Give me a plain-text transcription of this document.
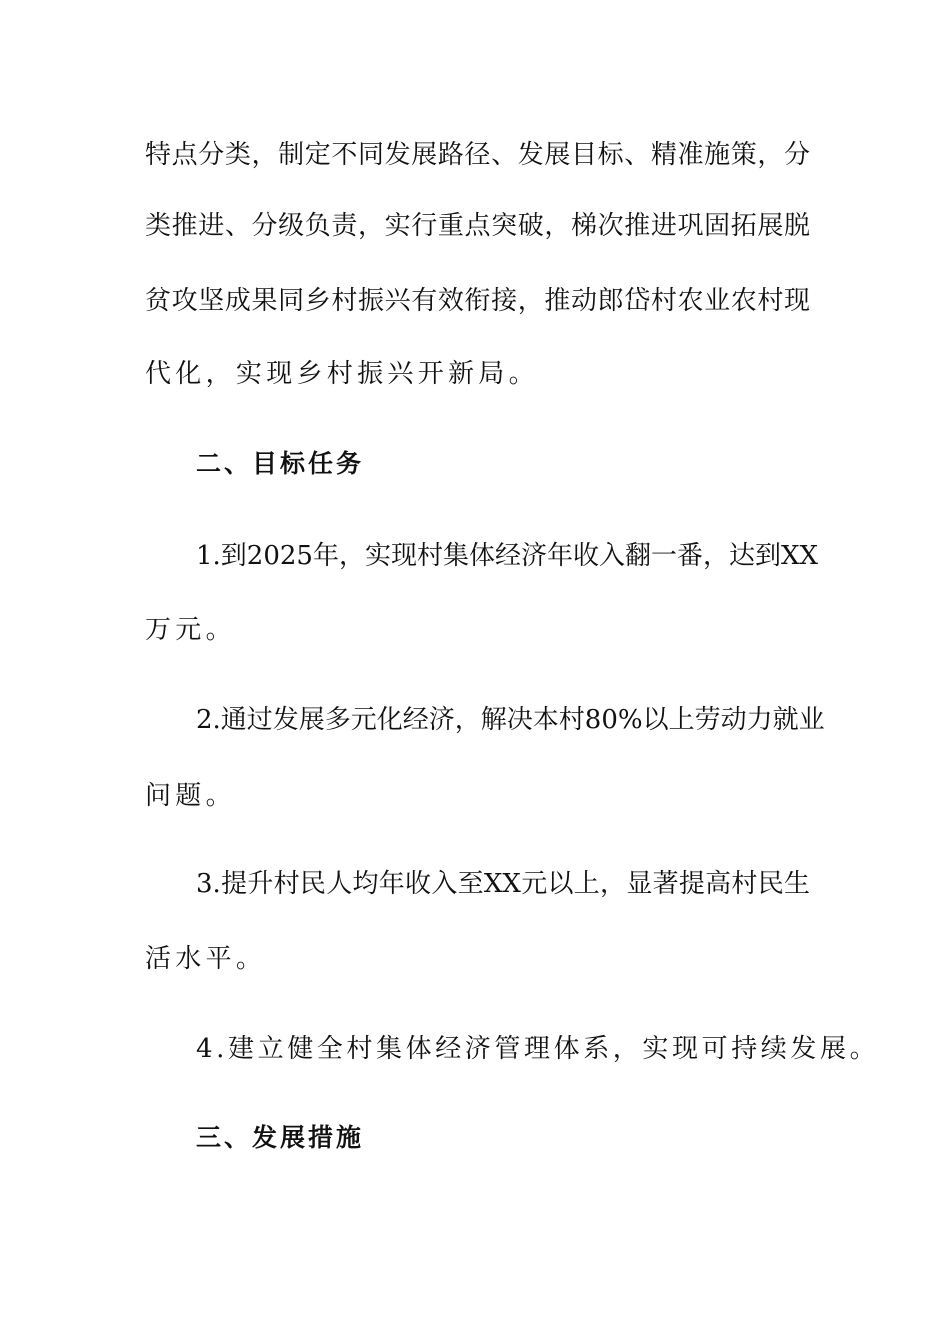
特点分类，制定不同发展路径、发展目标、精准施策，分
类推进、分级负责，实行重点突破，梯次推进巩固拓展脱
贫攻坚成果同乡村振兴有效衔接，推动郎岱村农业农村现
代化，实现乡村振兴开新局。
二、目标任务
1.到2025年，实现村集体经济年收入翻一番，达到XX
万元。
2.通过发展多元化经济，解决本村80%以上劳动力就业
问题。
3.提升村民人均年收入至XX元以上，显著提高村民生
活水平。
4.建立健全村集体经济管理体系，实现可持续发展。
三、发展措施
